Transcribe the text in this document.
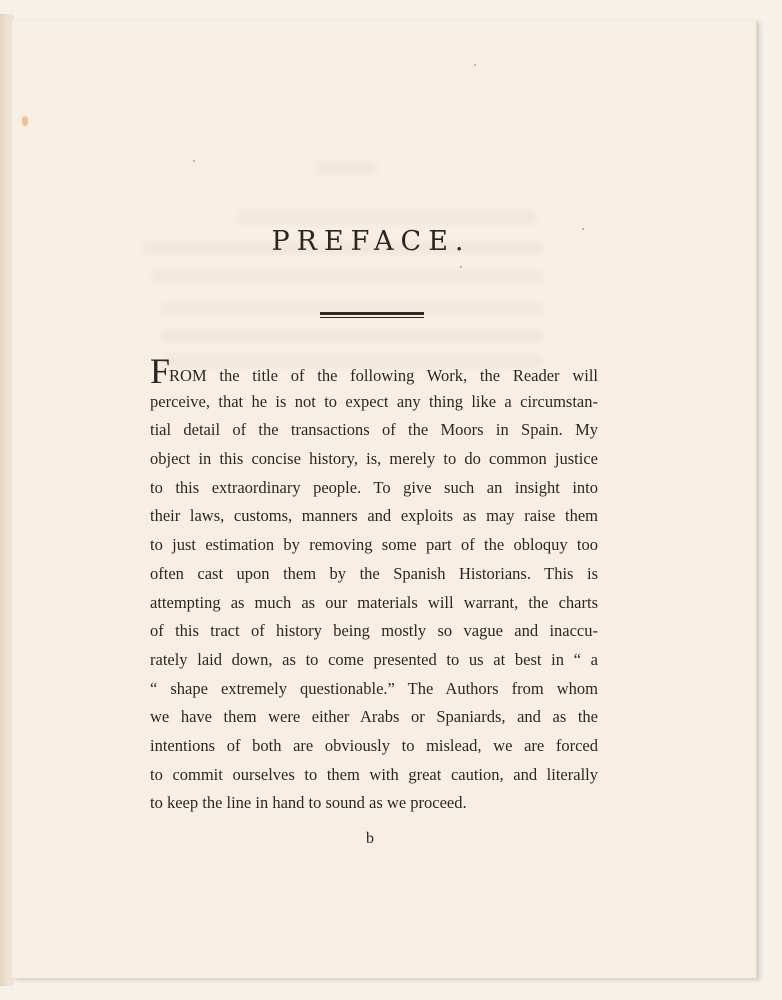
PREFACE.
FROM the title of the following Work, the Reader will
perceive, that he is not to expect any thing like a circumstan-
tial detail of the transactions of the Moors in Spain. My
object in this concise history, is, merely to do common justice
to this extraordinary people. To give such an insight into
their laws, customs, manners and exploits as may raise them
to just estimation by removing some part of the obloquy too
often cast upon them by the Spanish Historians. This is
attempting as much as our materials will warrant, the charts
of this tract of history being mostly so vague and inaccu-
rately laid down, as to come presented to us at best in “ a
“ shape extremely questionable.” The Authors from whom
we have them were either Arabs or Spaniards, and as the
intentions of both are obviously to mislead, we are forced
to commit ourselves to them with great caution, and literally
to keep the line in hand to sound as we proceed.
b
